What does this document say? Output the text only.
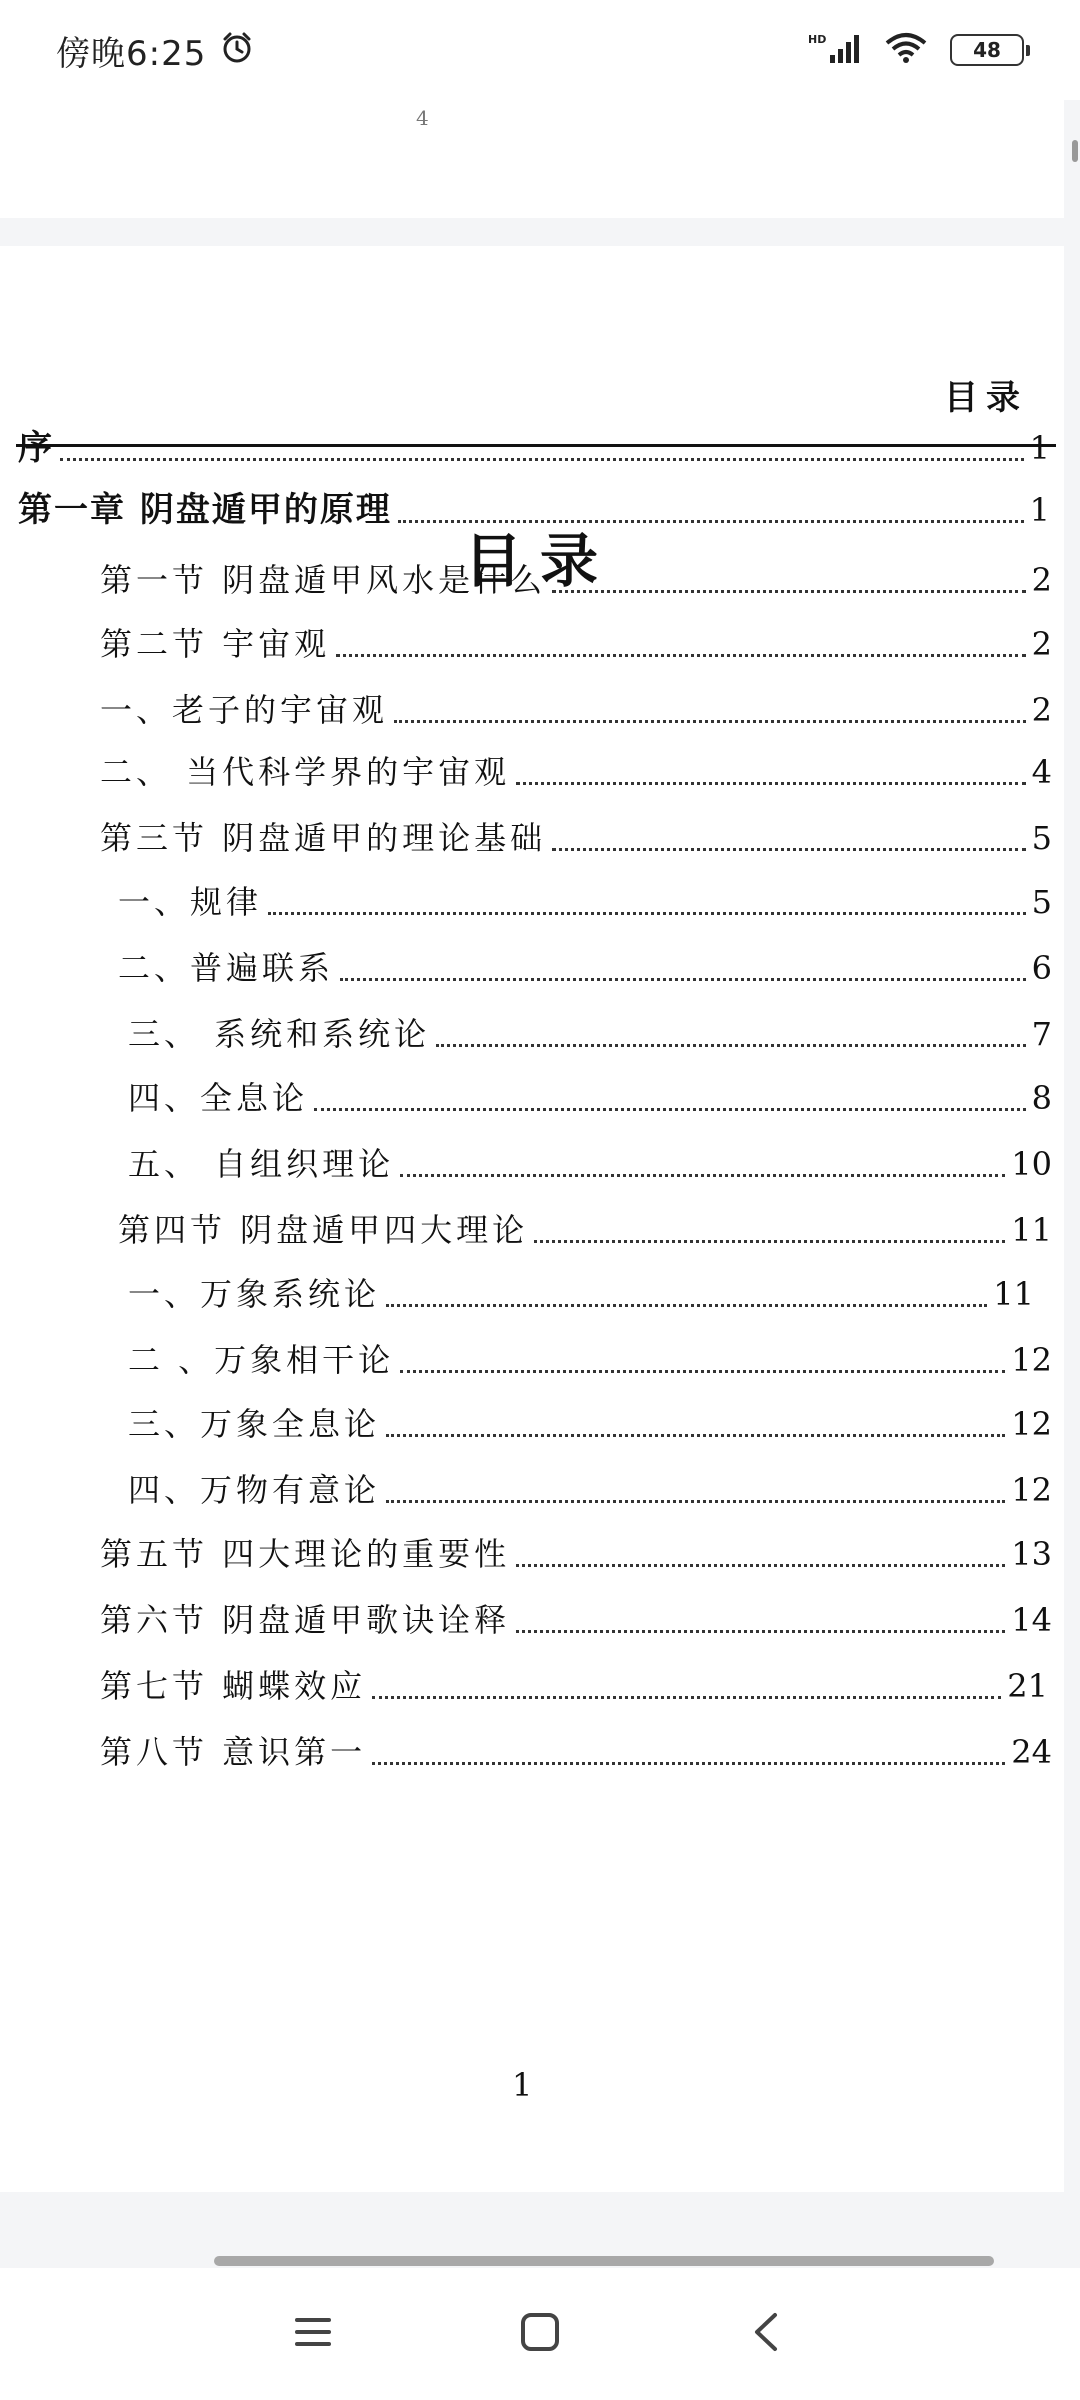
傍晚6:25	HD	48
4
目录
目录
序	1
第一章 阴盘遁甲的原理	1
第一节 阴盘遁甲风水是什么	2
第二节 宇宙观	2
一、老子的宇宙观	2
二、 当代科学界的宇宙观	4
第三节 阴盘遁甲的理论基础	5
一、规律	5
二、普遍联系	6
三、 系统和系统论	7
四、全息论	8
五、 自组织理论	10
第四节 阴盘遁甲四大理论	11
一、万象系统论	11
二 、万象相干论	12
三、万象全息论	12
四、万物有意论	12
第五节 四大理论的重要性	13
第六节 阴盘遁甲歌诀诠释	14
第七节 蝴蝶效应	21
第八节 意识第一	24
1
